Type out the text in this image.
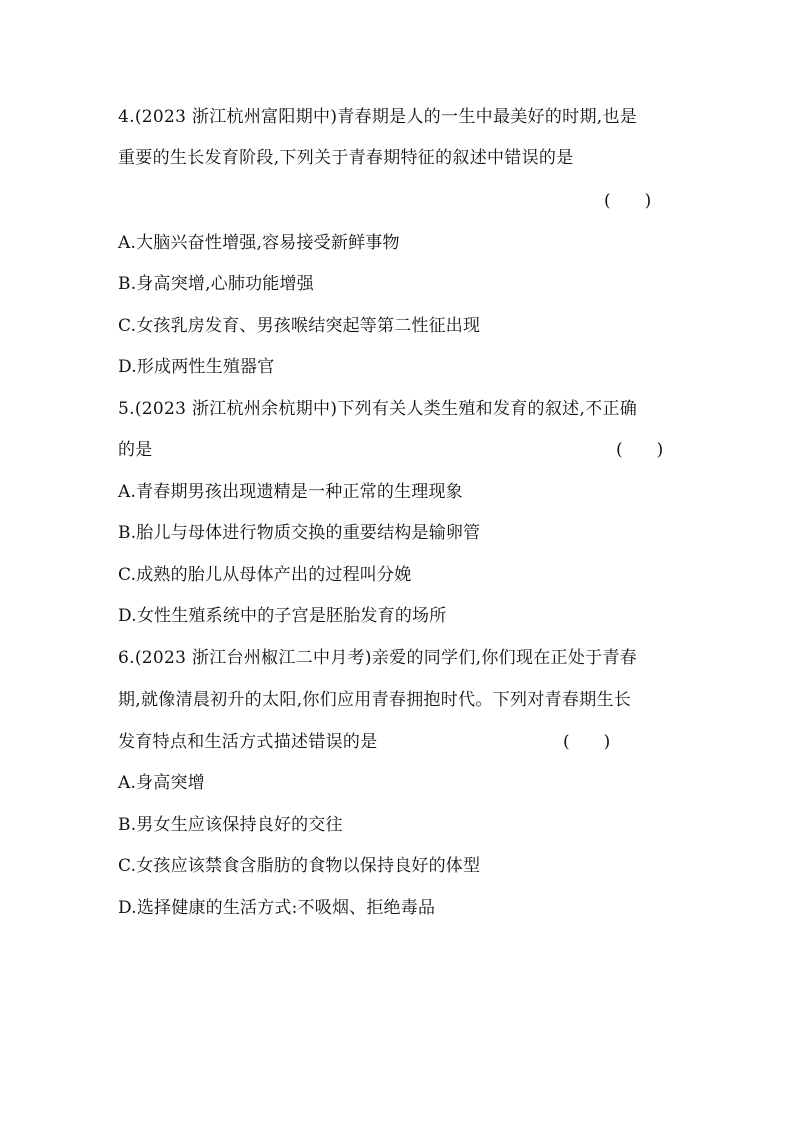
4.(2023 浙江杭州富阳期中)青春期是人的一生中最美好的时期,也是
重要的生长发育阶段,下列关于青春期特征的叙述中错误的是
(　　)
A.大脑兴奋性增强,容易接受新鲜事物
B.身高突增,心肺功能增强
C.女孩乳房发育、男孩喉结突起等第二性征出现
D.形成两性生殖器官
5.(2023 浙江杭州余杭期中)下列有关人类生殖和发育的叙述,不正确
的是	(　　)
A.青春期男孩出现遗精是一种正常的生理现象
B.胎儿与母体进行物质交换的重要结构是输卵管
C.成熟的胎儿从母体产出的过程叫分娩
D.女性生殖系统中的子宫是胚胎发育的场所
6.(2023 浙江台州椒江二中月考)亲爱的同学们,你们现在正处于青春
期,就像清晨初升的太阳,你们应用青春拥抱时代。下列对青春期生长
发育特点和生活方式描述错误的是	(　　)
A.身高突增
B.男女生应该保持良好的交往
C.女孩应该禁食含脂肪的食物以保持良好的体型
D.选择健康的生活方式:不吸烟、拒绝毒品
